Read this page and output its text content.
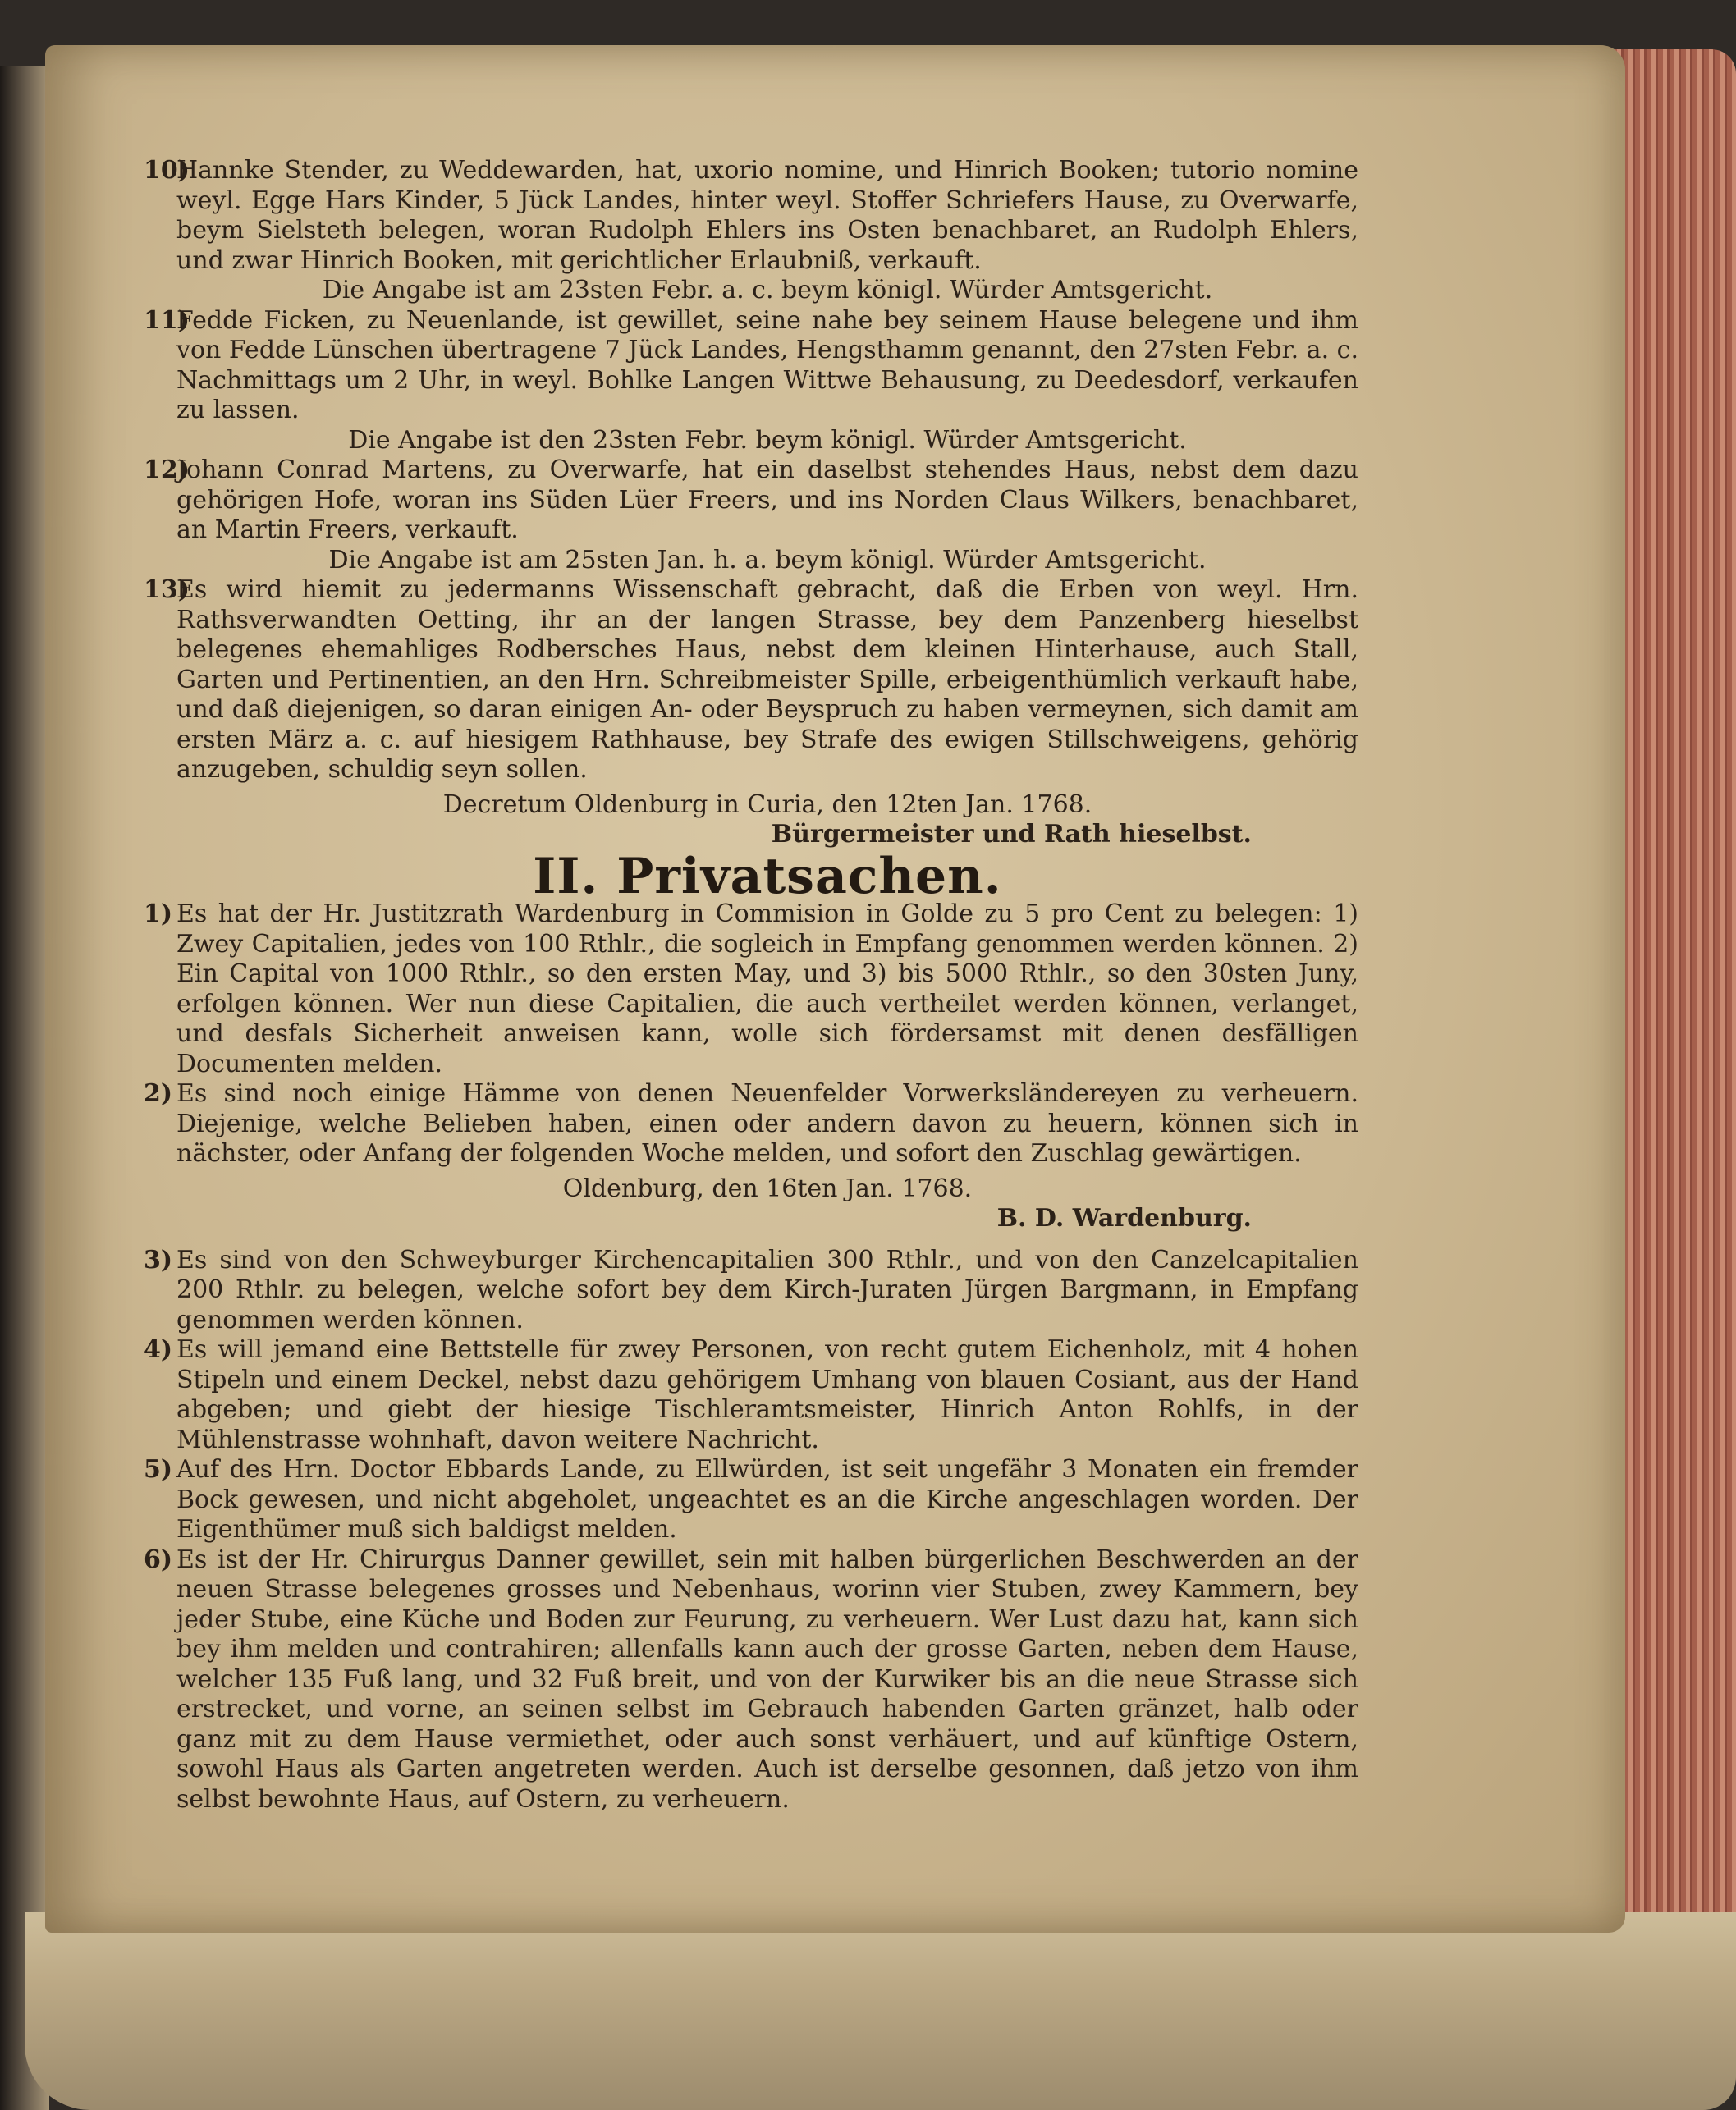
10)
Hannke Stender, zu Weddewarden, hat, uxorio nomine, und Hinrich Booken; tutorio nomine weyl. Egge Hars Kinder, 5 Jück Landes, hinter weyl. Stoffer Schriefers Hause, zu Overwarfe, beym Sielsteth belegen, woran Rudolph Ehlers ins Osten benachbaret, an Rudolph Ehlers, und zwar Hinrich Booken, mit gerichtlicher Erlaubniß, verkauft.

Die Angabe ist am 23sten Febr. a. c. beym königl. Würder Amtsgericht.

11)
Fedde Ficken, zu Neuenlande, ist gewillet, seine nahe bey seinem Hause belegene und ihm von Fedde Lünschen übertragene 7 Jück Landes, Hengsthamm genannt, den 27sten Febr. a. c. Nachmittags um 2 Uhr, in weyl. Bohlke Langen Wittwe Behausung, zu Deedesdorf, verkaufen zu lassen.

Die Angabe ist den 23sten Febr. beym königl. Würder Amtsgericht.

12)
Johann Conrad Martens, zu Overwarfe, hat ein daselbst stehendes Haus, nebst dem dazu gehörigen Hofe, woran ins Süden Lüer Freers, und ins Norden Claus Wilkers, benachbaret, an Martin Freers, verkauft.

Die Angabe ist am 25sten Jan. h. a. beym königl. Würder Amtsgericht.

13)
Es wird hiemit zu jedermanns Wissenschaft gebracht, daß die Erben von weyl. Hrn. Rathsverwandten Oetting, ihr an der langen Strasse, bey dem Panzenberg hieselbst belegenes ehemahliges Rodbersches Haus, nebst dem kleinen Hinterhause, auch Stall, Garten und Pertinentien, an den Hrn. Schreibmeister Spille, erbeigenthümlich verkauft habe, und daß diejenigen, so daran einigen An- oder Beyspruch zu haben vermeynen, sich damit am ersten März a. c. auf hiesigem Rathhause, bey Strafe des ewigen Stillschweigens, gehörig anzugeben, schuldig seyn sollen.

Decretum Oldenburg in Curia, den 12ten Jan. 1768.

Bürgermeister und Rath hieselbst.

II. Privatsachen.
1) Es hat der Hr. Justitzrath Wardenburg in Commision in Golde zu 5 pro Cent zu belegen: 1) Zwey Capitalien, jedes von 100 Rthlr., die sogleich in Empfang genommen werden können. 2) Ein Capital von 1000 Rthlr., so den ersten May, und 3) bis 5000 Rthlr., so den 30sten Juny, erfolgen können. Wer nun diese Capitalien, die auch vertheilet werden können, verlanget, und desfals Sicherheit anweisen kann, wolle sich fördersamst mit denen desfälligen Documenten melden.
2) Es sind noch einige Hämme von denen Neuenfelder Vorwerksländereyen zu verheuern. Diejenige, welche Belieben haben, einen oder andern davon zu heuern, können sich in nächster, oder Anfang der folgenden Woche melden, und sofort den Zuschlag gewärtigen.

Oldenburg, den 16ten Jan. 1768.

B. D. Wardenburg.

3) Es sind von den Schweyburger Kirchencapitalien 300 Rthlr., und von den Canzelcapitalien 200 Rthlr. zu belegen, welche sofort bey dem Kirch-Juraten Jürgen Bargmann, in Empfang genommen werden können.
4) Es will jemand eine Bettstelle für zwey Personen, von recht gutem Eichenholz, mit 4 hohen Stipeln und einem Deckel, nebst dazu gehörigem Umhang von blauen Cosiant, aus der Hand abgeben; und giebt der hiesige Tischleramtsmeister, Hinrich Anton Rohlfs, in der Mühlenstrasse wohnhaft, davon weitere Nachricht.
5) Auf des Hrn. Doctor Ebbards Lande, zu Ellwürden, ist seit ungefähr 3 Monaten ein fremder Bock gewesen, und nicht abgeholet, ungeachtet es an die Kirche angeschlagen worden. Der Eigenthümer muß sich baldigst melden.
6) Es ist der Hr. Chirurgus Danner gewillet, sein mit halben bürgerlichen Beschwerden an der neuen Strasse belegenes grosses und Nebenhaus, worinn vier Stuben, zwey Kammern, bey jeder Stube, eine Küche und Boden zur Feurung, zu verheuern. Wer Lust dazu hat, kann sich bey ihm melden und contrahiren; allenfalls kann auch der grosse Garten, neben dem Hause, welcher 135 Fuß lang, und 32 Fuß breit, und von der Kurwiker bis an die neue Strasse sich erstrecket, und vorne, an seinen selbst im Gebrauch habenden Garten gränzet, halb oder ganz mit zu dem Hause vermiethet, oder auch sonst verhäuert, und auf künftige Ostern, sowohl Haus als Garten angetreten werden. Auch ist derselbe gesonnen, daß jetzo von ihm selbst bewohnte Haus, auf Ostern, zu verheuern.
